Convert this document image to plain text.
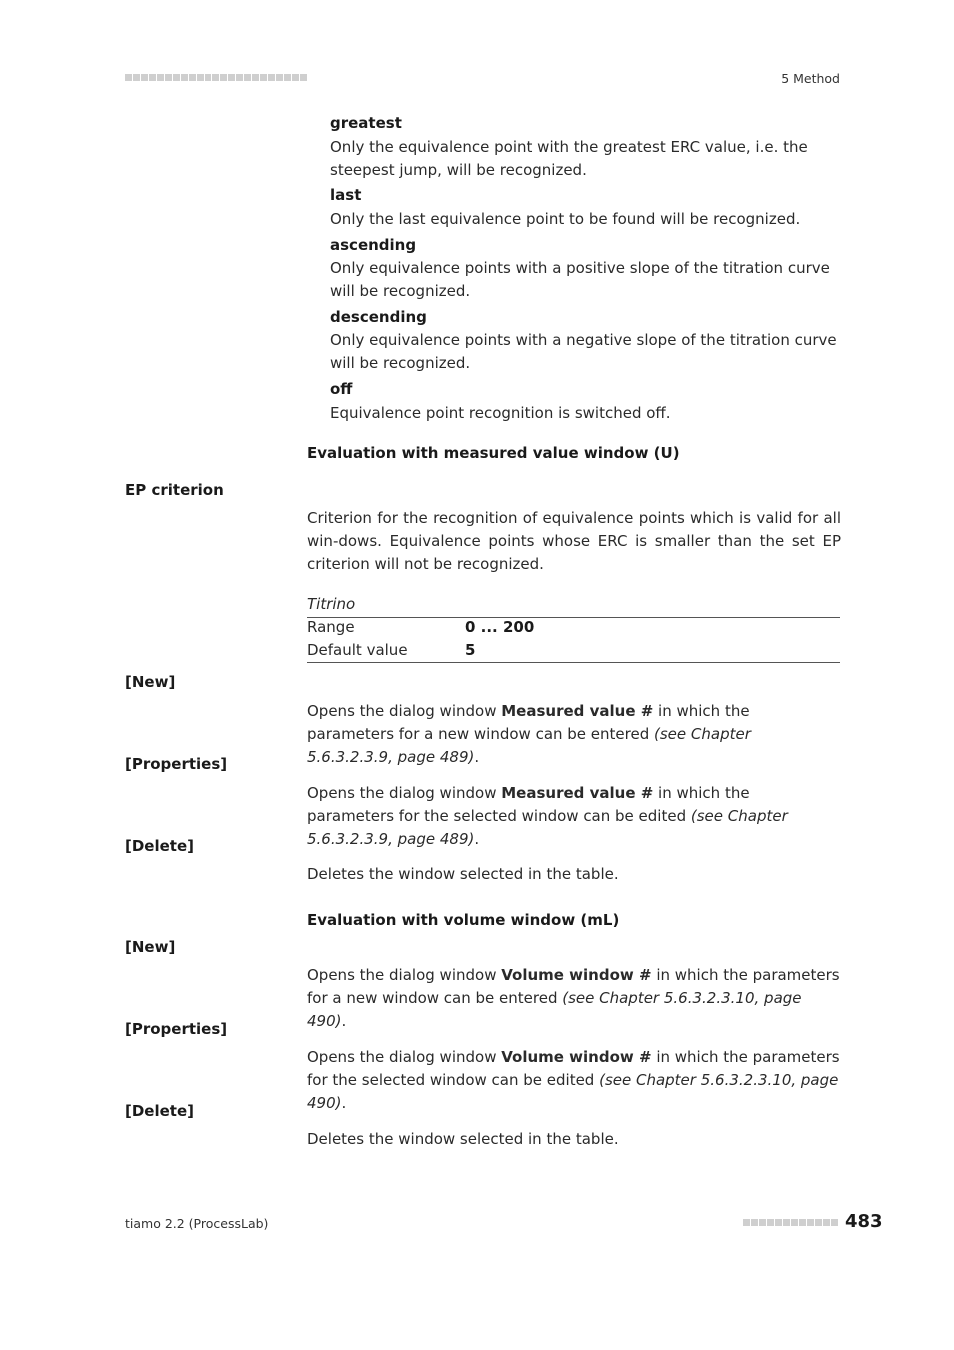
5 Method
greatest
Only the equivalence point with the greatest ERC value, i.e. the steepest jump, will be recognized.
last
Only the last equivalence point to be found will be recognized.
ascending
Only equivalence points with a positive slope of the titration curve will be recognized.
descending
Only equivalence points with a negative slope of the titration curve will be recognized.
off
Equivalence point recognition is switched off.
Evaluation with measured value window (U)
EP criterion
Criterion for the recognition of equivalence points which is valid for all win-dows. Equivalence points whose ERC is smaller than the set EP criterion will not be recognized.
Titrino
Range	0 ... 200
Default value	5
[New]
Opens the dialog window Measured value # in which the parameters for a new window can be entered (see Chapter 5.6.3.2.3.9, page 489).
[Properties]
Opens the dialog window Measured value # in which the parameters for the selected window can be edited (see Chapter 5.6.3.2.3.9, page 489).
[Delete]
Deletes the window selected in the table.
Evaluation with volume window (mL)
[New]
Opens the dialog window Volume window # in which the parameters for a new window can be entered (see Chapter 5.6.3.2.3.10, page 490).
[Properties]
Opens the dialog window Volume window # in which the parameters for the selected window can be edited (see Chapter 5.6.3.2.3.10, page 490).
[Delete]
Deletes the window selected in the table.
tiamo 2.2 (ProcessLab)	483
